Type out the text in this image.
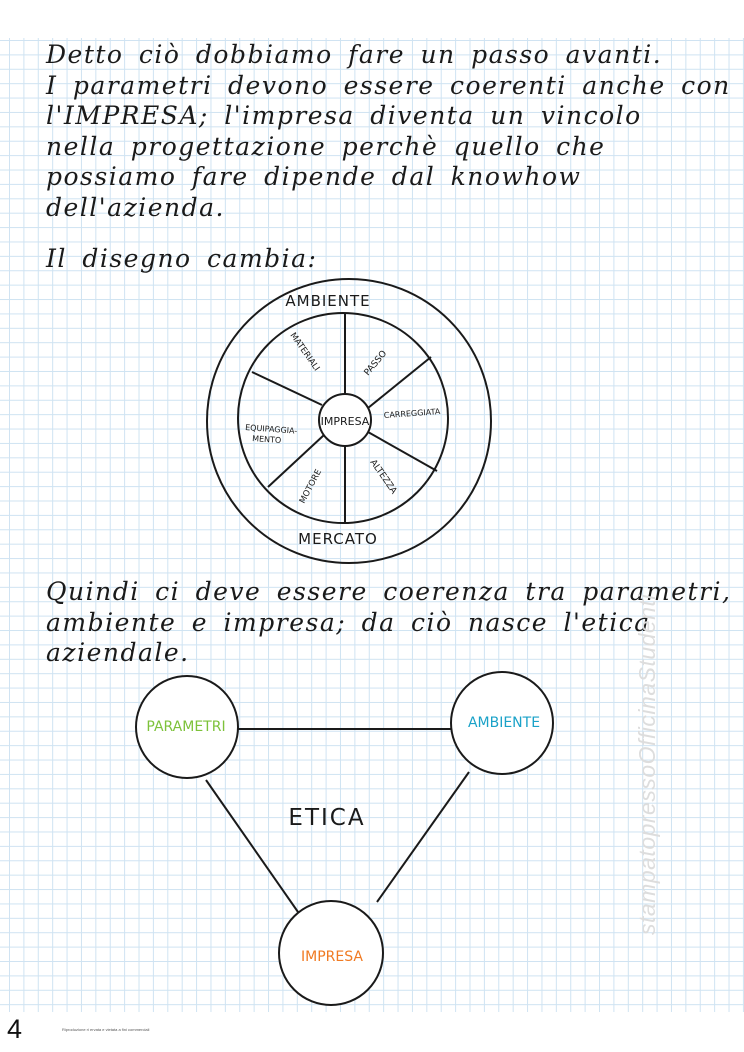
Detto ciò dobbiamo fare un passo avanti.
I parametri devono essere coerenti anche con
l'IMPRESA; l'impresa diventa un vincolo
nella progettazione perchè quello che
possiamo fare dipende dal knowhow
dell'azienda.
Il disegno cambia:
Quindi ci deve essere coerenza tra parametri,
ambiente e impresa; da ciò nasce l'etica
aziendale.
AMBIENTE
MERCATO
IMPRESA
MATERIALI	PASSO
CARREGGIATA
ALTEZZA
MOTORE
EQUIPAGGIA-
MENTO
PARAMETRI	AMBIENTE
IMPRESA
ETICA	stampatopressoOfficinaStudenti
4	Riproduzione ri ervata e vietata a fini commerciali
